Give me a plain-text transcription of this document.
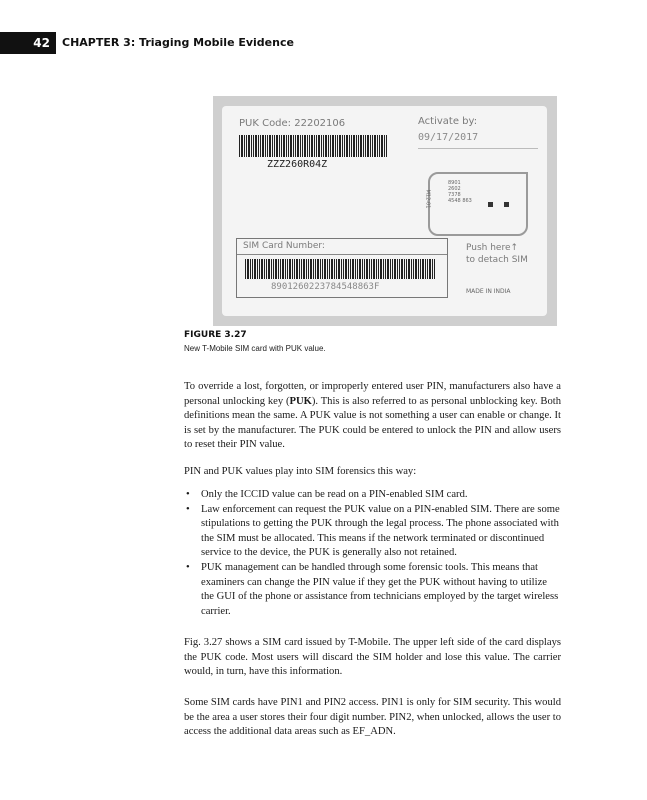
42	CHAPTER 3: Triaging Mobile Evidence
PUK Code: 22202106	Activate by:
09/17/2017
ZZZ260R04Z
M12-01
8901 2602 7378 4548 863
SIM Card Number:
8901260223784548863F
Push here↑
to detach SIM
MADE IN INDIA
FIGURE 3.27
New T-Mobile SIM card with PUK value.

To override a lost, forgotten, or improperly entered user PIN, manufacturers also have a personal unlocking key (PUK). This is also referred to as personal unblocking key. Both definitions mean the same. A PUK value is not something a user can enable or change. It is set by the manufacturer. The PUK could be entered to unlock the PIN and allow users to reset their PIN value.

PIN and PUK values play into SIM forensics this way:

• Only the ICCID value can be read on a PIN-enabled SIM card.
• Law enforcement can request the PUK value on a PIN-enabled SIM. There are some stipulations to getting the PUK through the legal process. The phone associated with the SIM must be allocated. This means if the network terminated or discontinued service to the device, the PUK is generally also not retained.
• PUK management can be handled through some forensic tools. This means that examiners can change the PIN value if they get the PUK without having to utilize the GUI of the phone or assistance from technicians employed by the target wireless carrier.

Fig. 3.27 shows a SIM card issued by T-Mobile. The upper left side of the card displays the PUK code. Most users will discard the SIM holder and lose this value. The carrier would, in turn, have this information.

Some SIM cards have PIN1 and PIN2 access. PIN1 is only for SIM security. This would be the area a user stores their four digit number. PIN2, when unlocked, allows the user to access the additional data areas such as EF_ADN.
